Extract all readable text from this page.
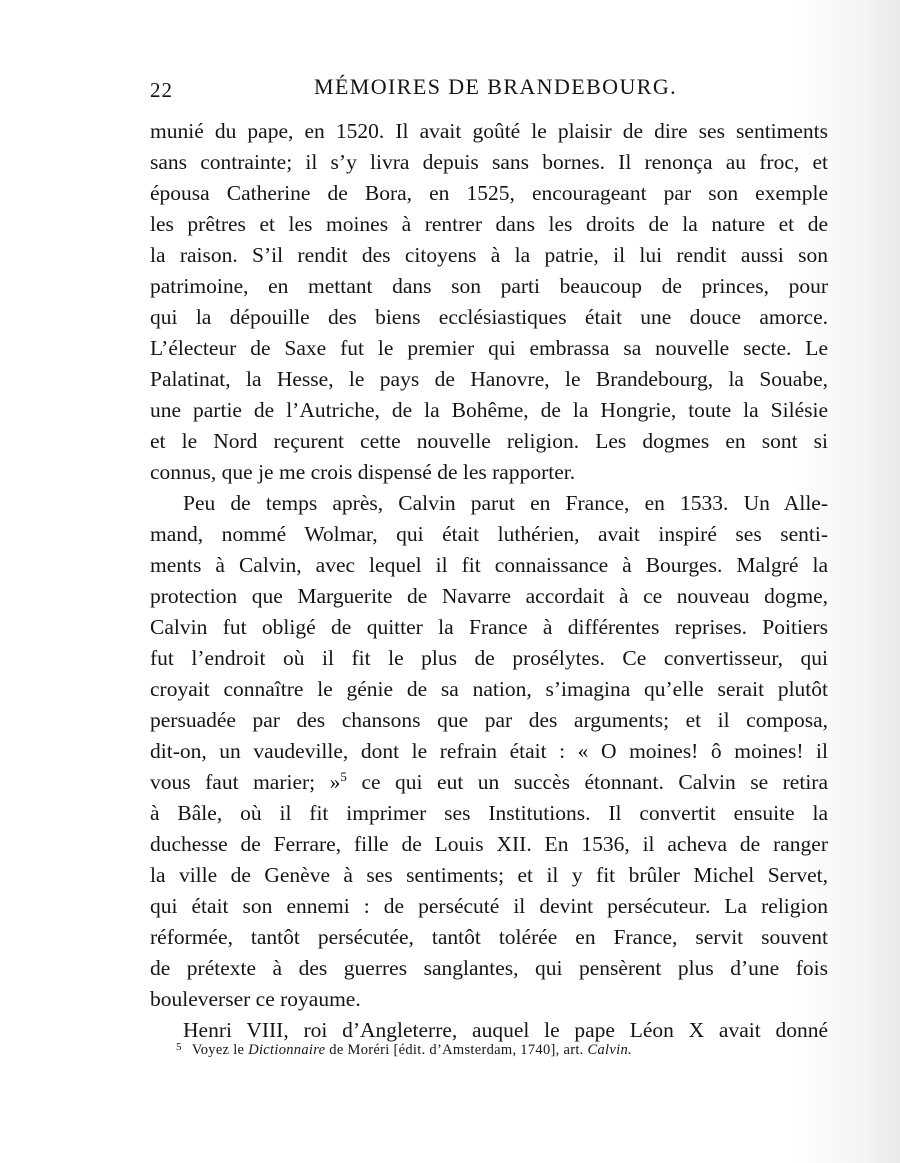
22	MÉMOIRES DE BRANDEBOURG.
munié du pape, en 1520. Il avait goûté le plaisir de dire ses sentiments
sans contrainte; il s’y livra depuis sans bornes. Il renonça au froc, et
épousa Catherine de Bora, en 1525, encourageant par son exemple
les prêtres et les moines à rentrer dans les droits de la nature et de
la raison. S’il rendit des citoyens à la patrie, il lui rendit aussi son
patrimoine, en mettant dans son parti beaucoup de princes, pour
qui la dépouille des biens ecclésiastiques était une douce amorce.
L’électeur de Saxe fut le premier qui embrassa sa nouvelle secte. Le
Palatinat, la Hesse, le pays de Hanovre, le Brandebourg, la Souabe,
une partie de l’Autriche, de la Bohême, de la Hongrie, toute la Silésie
et le Nord reçurent cette nouvelle religion. Les dogmes en sont si
connus, que je me crois dispensé de les rapporter.
Peu de temps après, Calvin parut en France, en 1533. Un Alle-
mand, nommé Wolmar, qui était luthérien, avait inspiré ses senti-
ments à Calvin, avec lequel il fit connaissance à Bourges. Malgré la
protection que Marguerite de Navarre accordait à ce nouveau dogme,
Calvin fut obligé de quitter la France à différentes reprises. Poitiers
fut l’endroit où il fit le plus de prosélytes. Ce convertisseur, qui
croyait connaître le génie de sa nation, s’imagina qu’elle serait plutôt
persuadée par des chansons que par des arguments; et il composa,
dit-on, un vaudeville, dont le refrain était : « O moines! ô moines! il
vous faut marier; »$^5$ ce qui eut un succès étonnant. Calvin se retira
à Bâle, où il fit imprimer ses Institutions. Il convertit ensuite la
duchesse de Ferrare, fille de Louis XII. En 1536, il acheva de ranger
la ville de Genève à ses sentiments; et il y fit brûler Michel Servet,
qui était son ennemi : de persécuté il devint persécuteur. La religion
réformée, tantôt persécutée, tantôt tolérée en France, servit souvent
de prétexte à des guerres sanglantes, qui pensèrent plus d’une fois
bouleverser ce royaume.
Henri VIII, roi d’Angleterre, auquel le pape Léon X avait donné
$^5$ Voyez le Dictionnaire de Moréri [édit. d’Amsterdam, 1740], art. Calvin.
